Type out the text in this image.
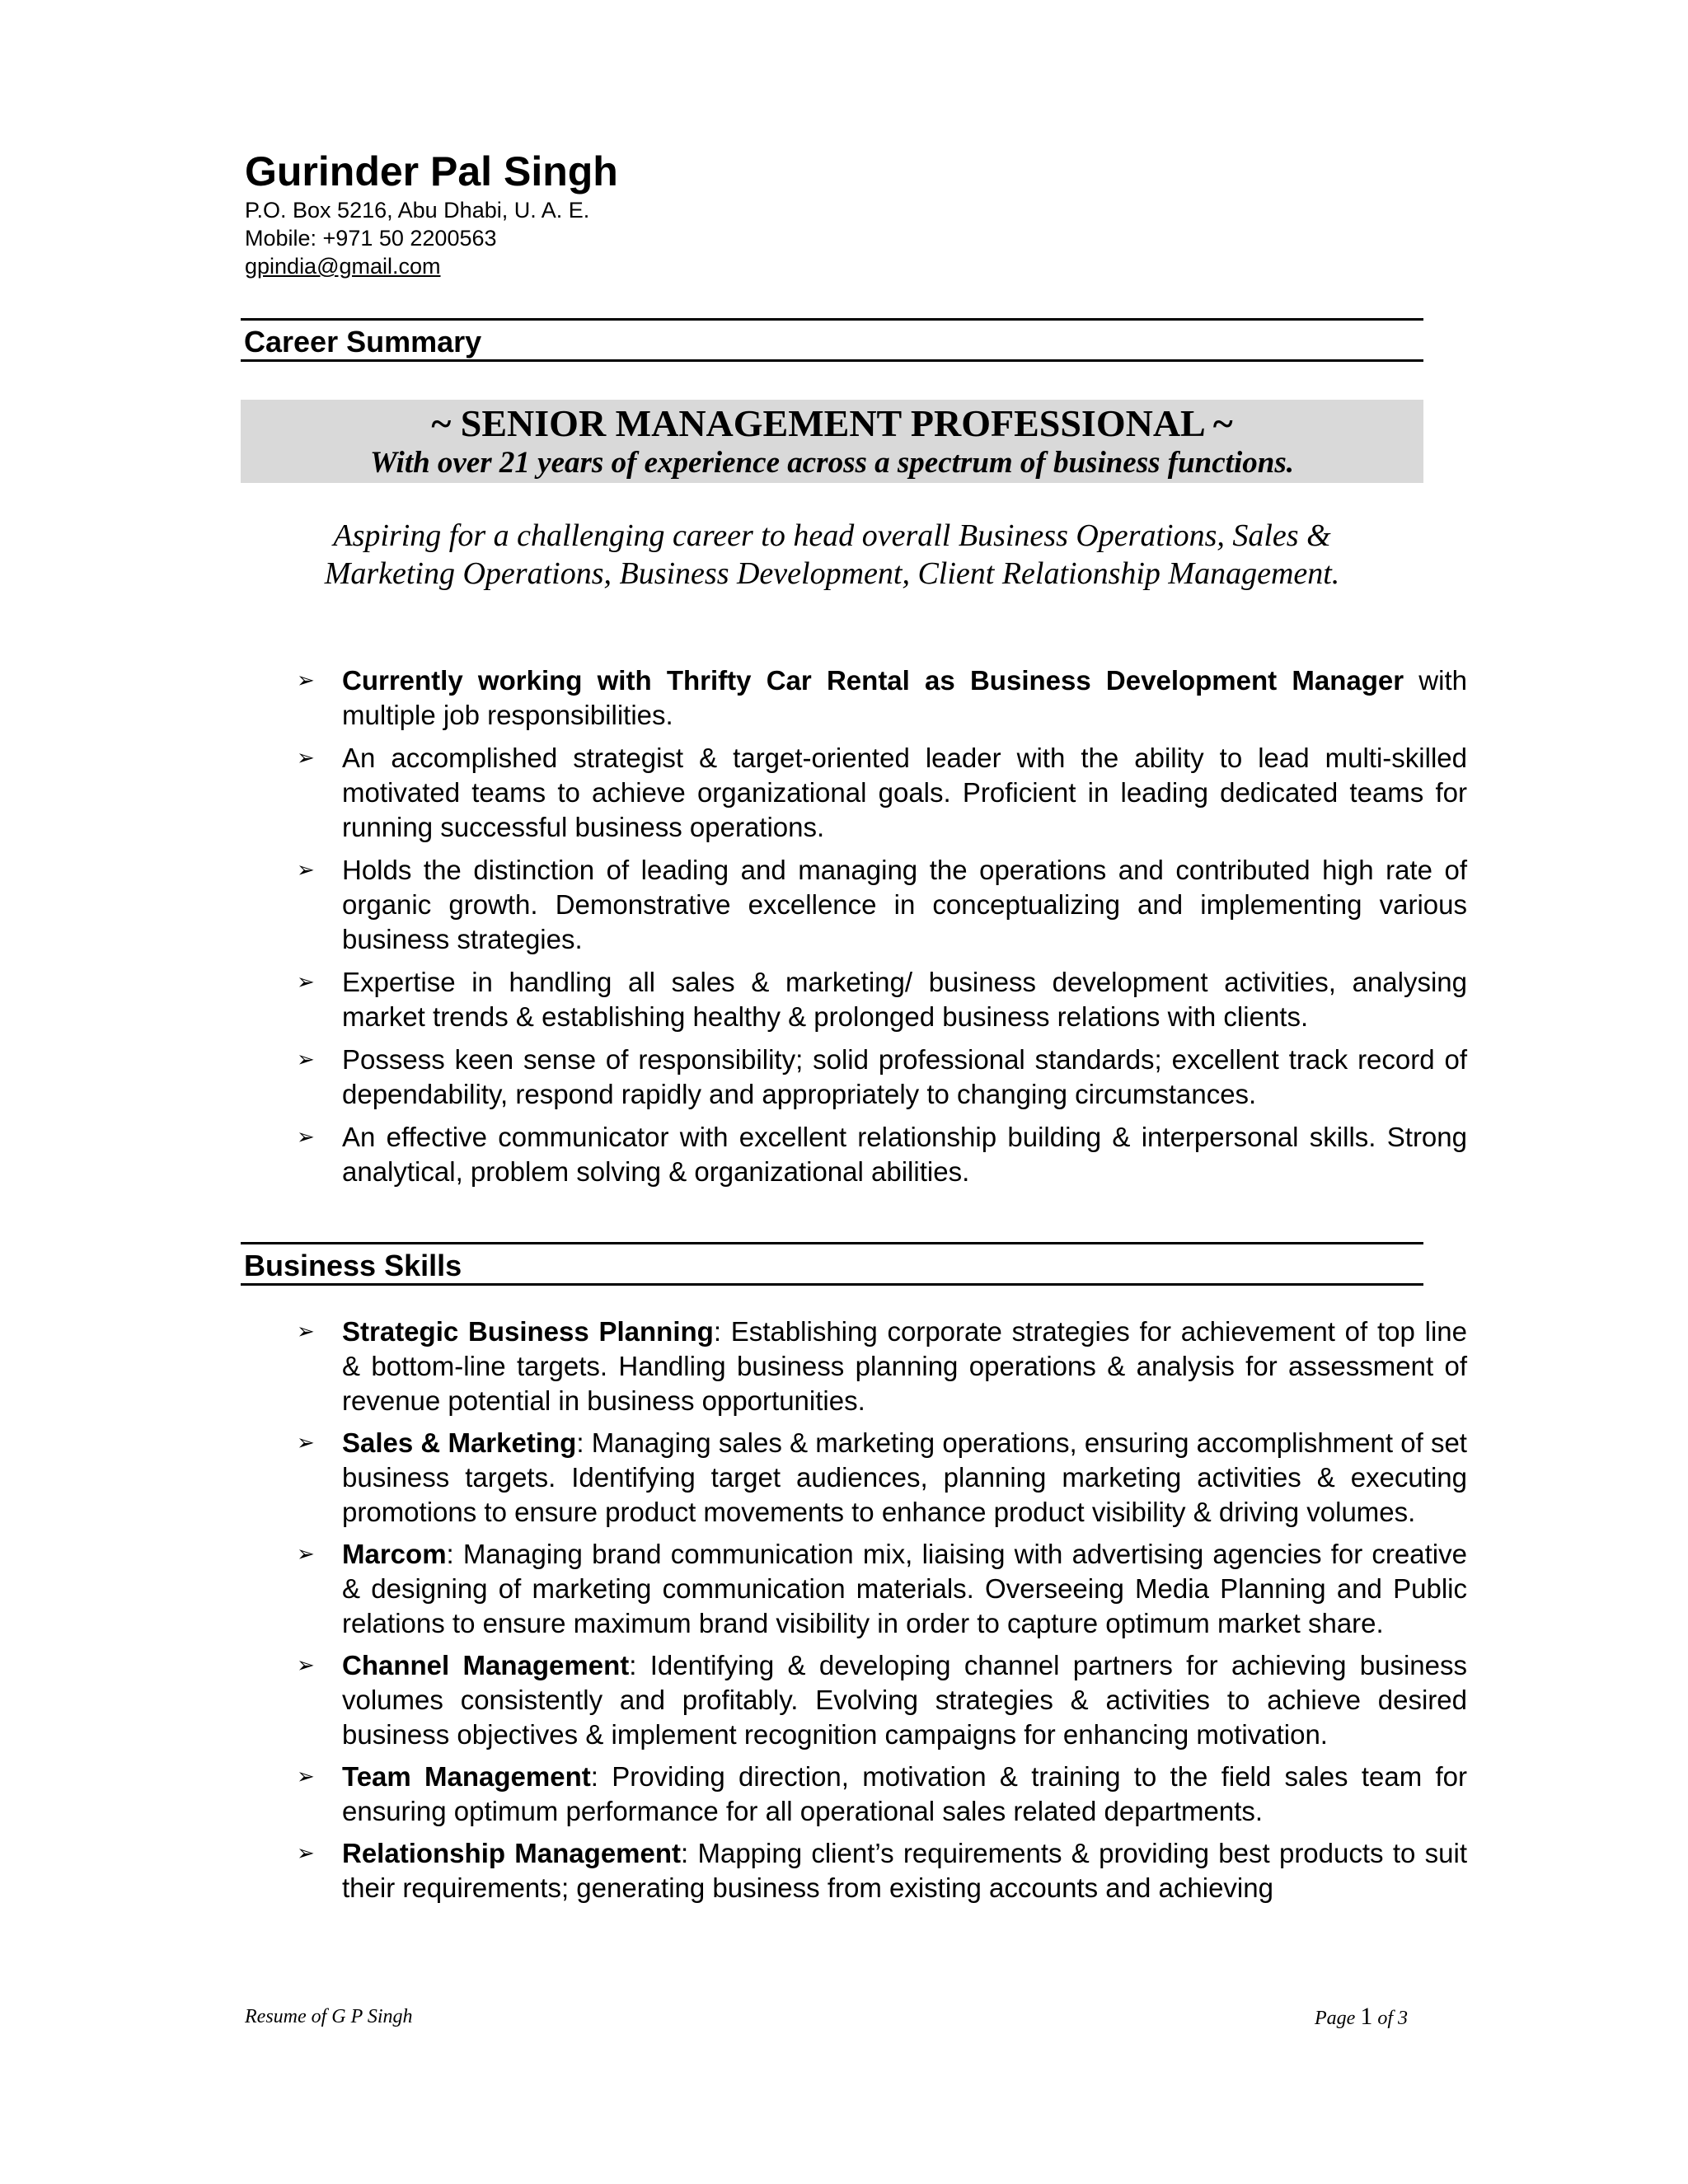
Gurinder Pal Singh
P.O. Box 5216, Abu Dhabi, U. A. E.
Mobile: +971 50 2200563
gpindia@gmail.com
Career Summary
~ SENIOR MANAGEMENT PROFESSIONAL ~
With over 21 years of experience across a spectrum of business functions.
Aspiring for a challenging career to head overall Business Operations, Sales &
Marketing Operations, Business Development, Client Relationship Management.
➢ Currently working with Thrifty Car Rental as Business Development Manager with multiple job responsibilities.
➢ An accomplished strategist & target-oriented leader with the ability to lead multi-skilled motivated teams to achieve organizational goals. Proficient in leading dedicated teams for running successful business operations.
➢ Holds the distinction of leading and managing the operations and contributed high rate of organic growth. Demonstrative excellence in conceptualizing and implementing various business strategies.
➢ Expertise in handling all sales & marketing/ business development activities, analysing market trends & establishing healthy & prolonged business relations with clients.
➢ Possess keen sense of responsibility; solid professional standards; excellent track record of dependability, respond rapidly and appropriately to changing circumstances.
➢ An effective communicator with excellent relationship building & interpersonal skills. Strong analytical, problem solving & organizational abilities.
Business Skills
➢ Strategic Business Planning: Establishing corporate strategies for achievement of top line & bottom-line targets. Handling business planning operations & analysis for assessment of revenue potential in business opportunities.
➢ Sales & Marketing: Managing sales & marketing operations, ensuring accomplishment of set business targets. Identifying target audiences, planning marketing activities & executing promotions to ensure product movements to enhance product visibility & driving volumes.
➢ Marcom: Managing brand communication mix, liaising with advertising agencies for creative & designing of marketing communication materials. Overseeing Media Planning and Public relations to ensure maximum brand visibility in order to capture optimum market share.
➢ Channel Management: Identifying & developing channel partners for achieving business volumes consistently and profitably. Evolving strategies & activities to achieve desired business objectives & implement recognition campaigns for enhancing motivation.
➢ Team Management: Providing direction, motivation & training to the field sales team for ensuring optimum performance for all operational sales related departments.
➢ Relationship Management: Mapping client’s requirements & providing best products to suit their requirements; generating business from existing accounts and achieving
Resume of G P Singh	Page 1 of 3
